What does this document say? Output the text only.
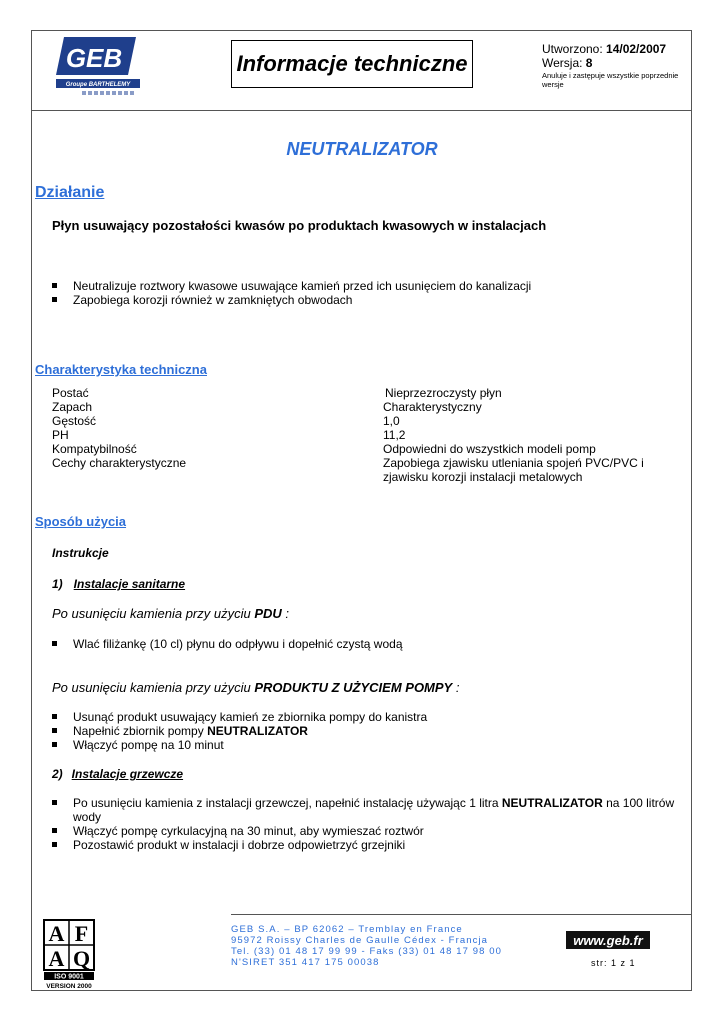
GEB
Groupe BARTHELEMY
Informacje techniczne
Utworzono: 14/02/2007
Wersja: 8
Anuluje i zastępuje wszystkie poprzednie wersje
NEUTRALIZATOR
Działanie
Płyn usuwający pozostałości kwasów po produktach kwasowych w instalacjach
Neutralizuje roztwory kwasowe usuwające kamień przed ich usunięciem do kanalizacji
Zapobiega korozji również w zamkniętych obwodach
Charakterystyka techniczna
Postać	Nieprzezroczysty płyn
Zapach	Charakterystyczny
Gęstość	1,0
PH	11,2
Kompatybilność	Odpowiedni do wszystkich modeli pomp
Cechy charakterystyczne	Zapobiega zjawisku utleniania spojeń PVC/PVC i
zjawisku korozji instalacji metalowych
Sposób użycia
Instrukcje
1) Instalacje sanitarne
Po usunięciu kamienia przy użyciu PDU :
Wlać filiżankę (10 cl) płynu do odpływu i dopełnić czystą wodą
Po usunięciu kamienia przy użyciu PRODUKTU Z UŻYCIEM POMPY :
Usunąć produkt usuwający kamień ze zbiornika pompy do kanistra
Napełnić zbiornik pompy NEUTRALIZATOR
Włączyć pompę na 10 minut
2) Instalacje grzewcze
Po usunięciu kamienia z instalacji grzewczej, napełnić instalację używając 1 litra NEUTRALIZATOR na 100 litrów
wody
Włączyć pompę cyrkulacyjną na 30 minut, aby wymieszać roztwór
Pozostawić produkt w instalacji i dobrze odpowietrzyć grzejniki
A F
A Q
ISO 9001
VERSION 2000
GEB S.A. – BP 62062 – Tremblay en France
95972 Roissy Charles de Gaulle Cédex - Francja
Tel. (33) 01 48 17 99 99 - Faks (33) 01 48 17 98 00
N'SIRET 351 417 175 00038
www.geb.fr
str: 1 z 1
